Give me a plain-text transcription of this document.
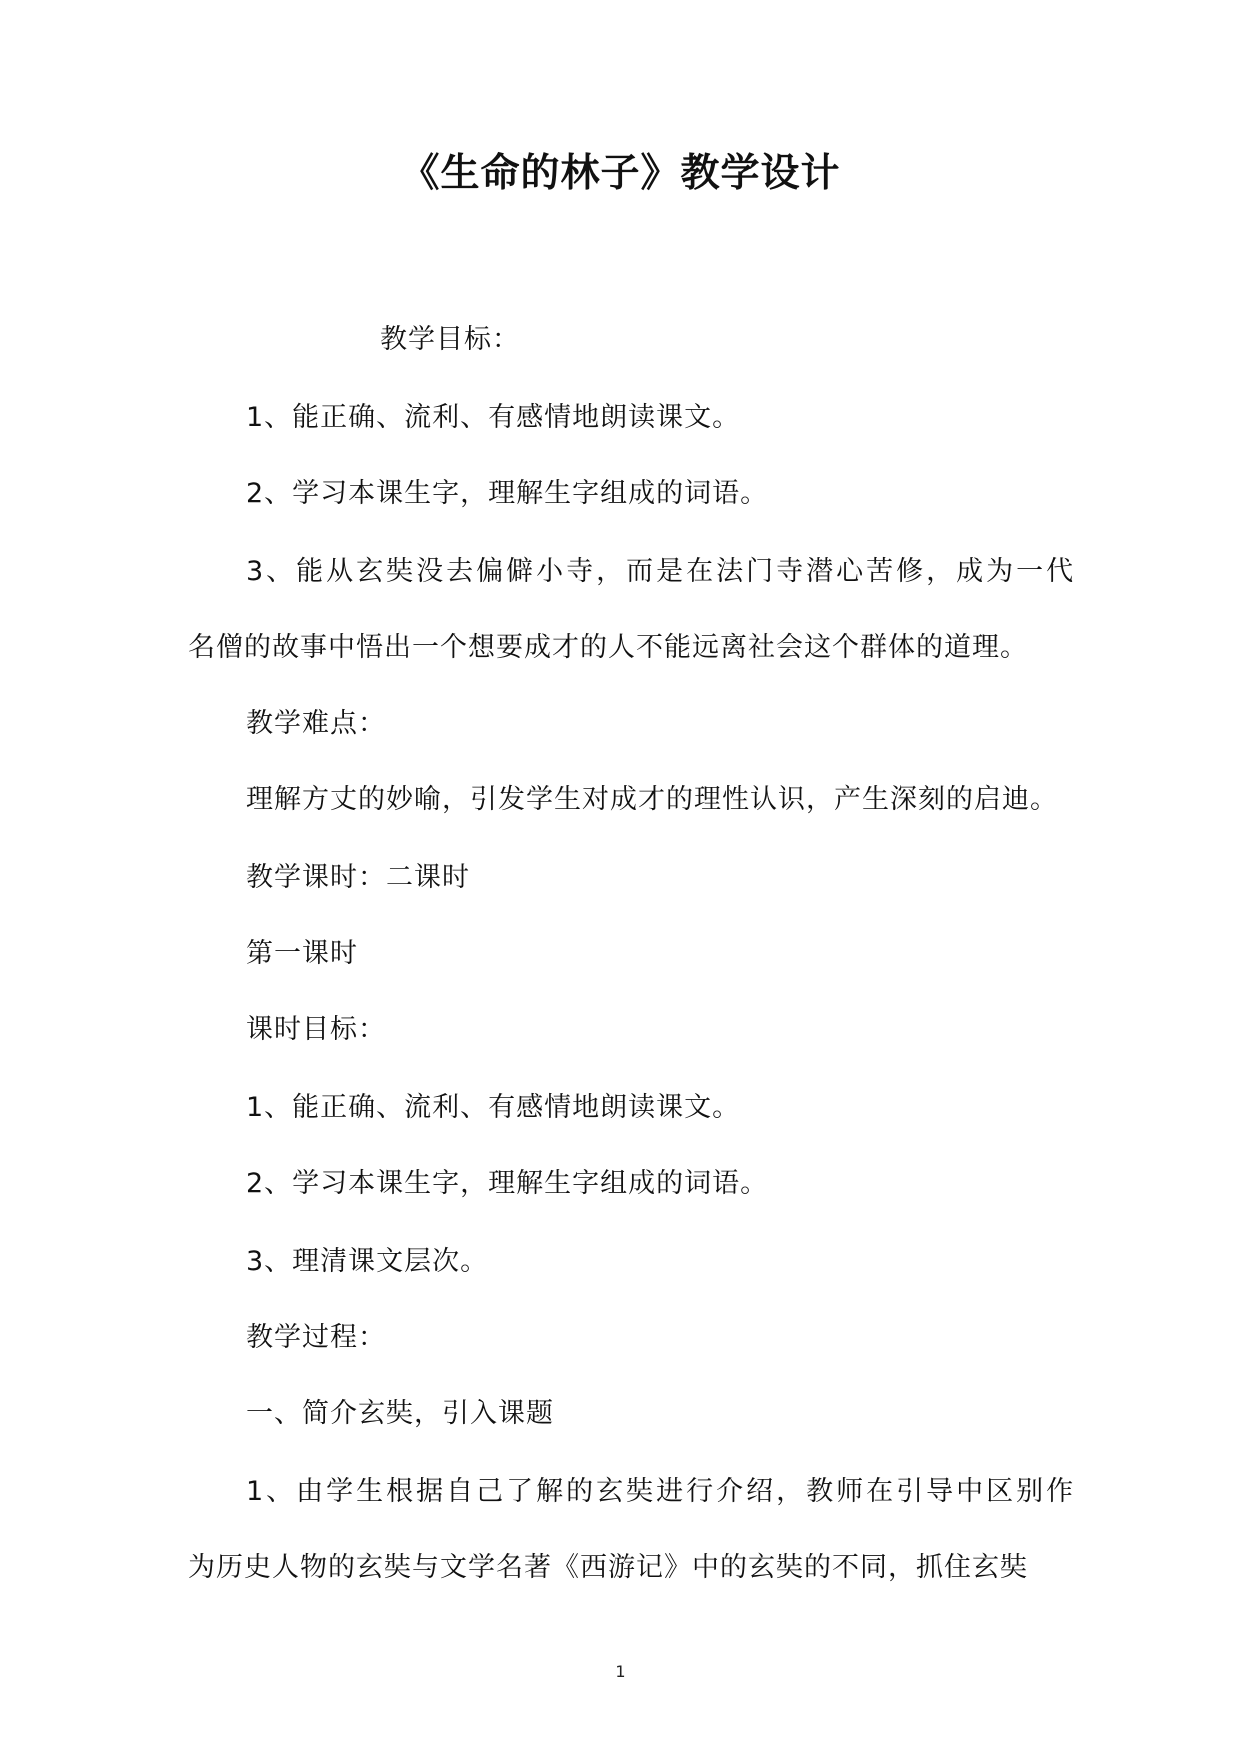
《生命的林子》教学设计
教学目标：
1、能正确、流利、有感情地朗读课文。
2、学习本课生字，理解生字组成的词语。
3、能从玄奘没去偏僻小寺，而是在法门寺潜心苦修，成为一代
名僧的故事中悟出一个想要成才的人不能远离社会这个群体的道理。
教学难点：
理解方丈的妙喻，引发学生对成才的理性认识，产生深刻的启迪。
教学课时：二课时
第一课时
课时目标：
1、能正确、流利、有感情地朗读课文。
2、学习本课生字，理解生字组成的词语。
3、理清课文层次。
教学过程：
一、简介玄奘，引入课题
1、由学生根据自己了解的玄奘进行介绍，教师在引导中区别作
为历史人物的玄奘与文学名著《西游记》中的玄奘的不同，抓住玄奘
1
